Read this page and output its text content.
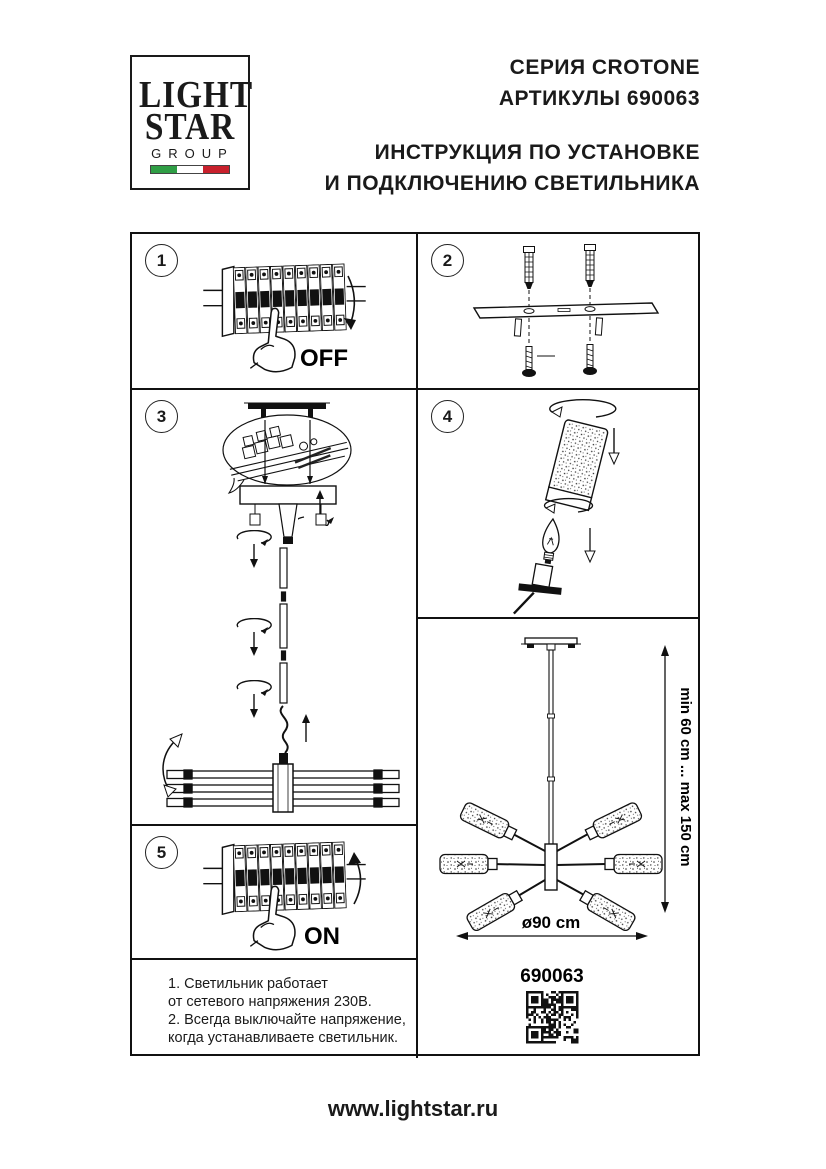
LIGHT
STAR
GROUP
СЕРИЯ CROTONE
АРТИКУЛЫ 690063
ИНСТРУКЦИЯ ПО УСТАНОВКЕ
И ПОДКЛЮЧЕНИЮ СВЕТИЛЬНИКА
1
OFF
2
3	4
5
ON
1. Светильник работает
от сетевого напряжения 230В.
2. Всегда выключайте напряжение,
когда устанавливаете светильник.
min 60 cm ... max 150 cm
ø90 cm
690063
www.lightstar.ru
